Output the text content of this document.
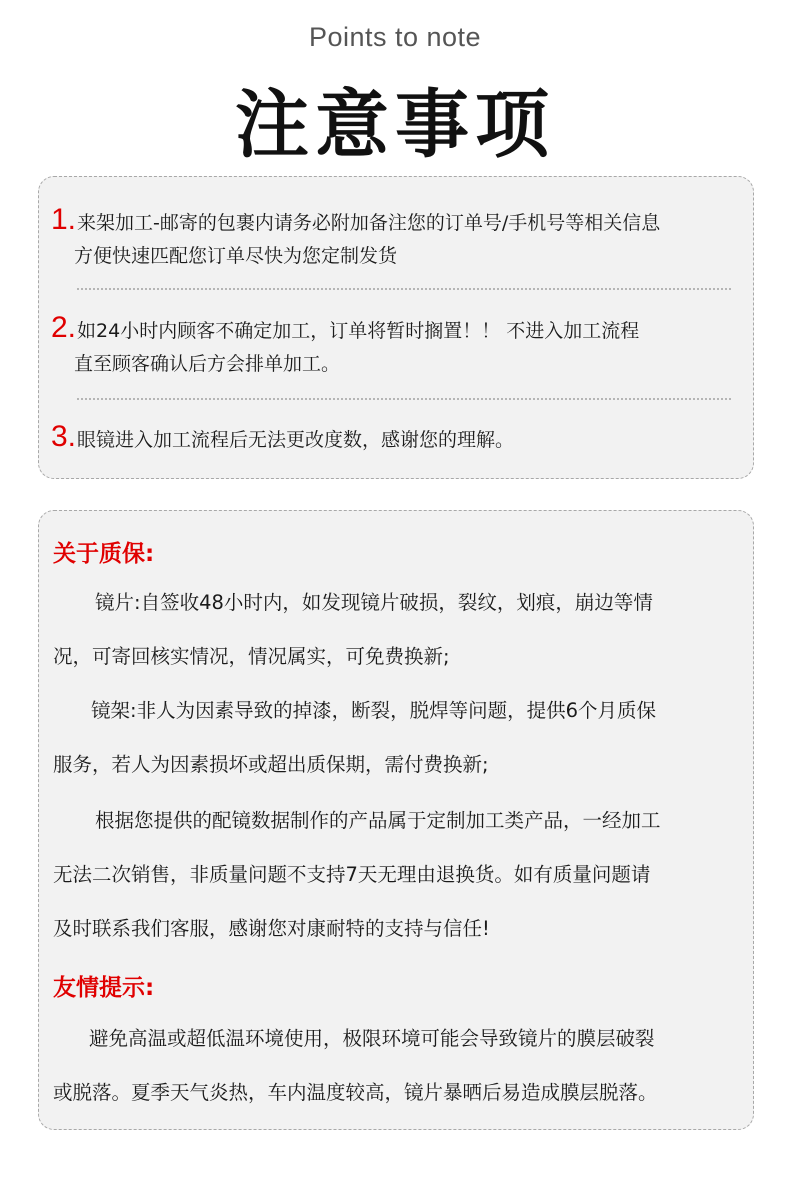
Points to note
注意事项
1. 来架加工-邮寄的包裹内请务必附加备注您的订单号/手机号等相关信息
方便快速匹配您订单尽快为您定制发货
2. 如24小时内顾客不确定加工，订单将暂时搁置！！ 不进入加工流程
直至顾客确认后方会排单加工。
3. 眼镜进入加工流程后无法更改度数，感谢您的理解。
关于质保:
镜片:自签收48小时内，如发现镜片破损，裂纹，划痕，崩边等情
况，可寄回核实情况，情况属实，可免费换新;
镜架:非人为因素导致的掉漆，断裂，脱焊等问题，提供6个月质保
服务，若人为因素损坏或超出质保期，需付费换新;
根据您提供的配镜数据制作的产品属于定制加工类产品，一经加工
无法二次销售，非质量问题不支持7天无理由退换货。如有质量问题请
及时联系我们客服，感谢您对康耐特的支持与信任!
友情提示:
避免高温或超低温环境使用，极限环境可能会导致镜片的膜层破裂
或脱落。夏季天气炎热，车内温度较高，镜片暴晒后易造成膜层脱落。
